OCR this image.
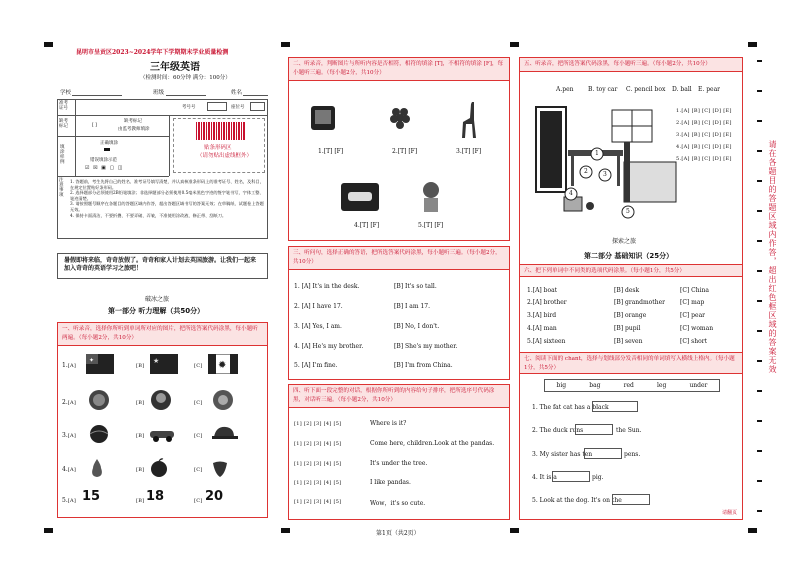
昆明市呈贡区2023~2024学年下学期期末学业质量检测
三年级英语
（检测时间：60分钟 满分：100分）
学校	班级	姓名
准考证号	考号号	座位号
缺考标记	[ ]
缺考标记
由监考教师填涂
填涂样例
正确填涂
错误填涂示范
☑ ☒ ▣ ▢ ◫
贴条形码区
（请勿贴出虚线框外）
注意事项
1. 答题前，考生先将自己的姓名、准考证号填写清楚，并认真核准条形码上的准考证号、姓名，及科目，在规定位置贴好条形码。
2. 选择题部分必须使用2B铅笔填涂；非选择题部分必须使用0.5毫米黑色字迹的签字笔书写，字体工整、笔迹清楚。
3. 请按照题号顺序在各题目的答题区域内作答，超出答题区域书写的答案无效；在草稿纸、试题卷上答题无效。
4. 保持卡面清洁，不要折叠、不要弄破、弄皱，不准使用涂改液、修正带、刮纸刀。
暑假即将来临，奇奇放假了。奇奇和家人计划去英国旅游。让我们一起来加入奇奇的英语学习之旅吧！
破冰之旅
第一部分 听力理解（共50分）
一、听录音，选择你所听到单词所对应的图片，把所选答案代码涂黑，每小题听两遍。（每小题2分，共10分）
1.[A]	[B]	[C]
2.[A]	[B]	[C]
3.[A]	[B]	[C]
4.[A]	[B]	[C]
5.[A]	[B]	[C]
✦	★	✹
15	18	20
二、听录音，判断图片与所听内容是否相符，相符的填涂 [T]，不相符的填涂 [F]，每小题听三遍。（每小题2分，共10分）
1.[T] [F]	2.[T] [F]	3.[T] [F]
4.[T] [F]	5.[T] [F]
三、听问句，选择正确的答语，把所选答案代码涂黑，每小题听三遍。（每小题2分，共10分）
1. [A] It's in the desk.	[B] It's so tall.
2. [A] I have 17.	[B] I am 17.
3. [A] Yes, I am.	[B] No, I don't.
4. [A] He's my brother.	[B] She's my mother.
5. [A] I'm fine.	[B] I'm from China.
四、听下面一段完整的对话，根据你所听到的内容给句子排序，把所选序号代码涂黑，对话听三遍。（每小题2分，共10分）
[1] [2] [3] [4] [5]	Where is it?
[1] [2] [3] [4] [5]	Come here, children.Look at the pandas.
[1] [2] [3] [4] [5]	It's under the tree.
[1] [2] [3] [4] [5]	I like pandas.
[1] [2] [3] [4] [5]	Wow，it's so cute.
五、听录音，把所选答案代码涂黑，每小题听三遍。（每小题2分，共10分）
A.pen B. toy car C. pencil box D. ball E. pear
1
2	3
4
5
1.[A] [B] [C] [D] [E]
2.[A] [B] [C] [D] [E]
3.[A] [B] [C] [D] [E]
4.[A] [B] [C] [D] [E]
5.[A] [B] [C] [D] [E]
探索之旅
第二部分 基础知识（25分）
六、把下列单词中不同类的选项代码涂黑。（每小题1分，共5分）
1.[A] boat	[B] desk	[C] China
2.[A] brother	[B] grandmother	[C] map
3.[A] bird	[B] orange	[C] pear
4.[A] man	[B] pupil	[C] woman
5.[A] sixteen	[B] seven	[C] short
七、阅读下面的 chant，选择与划线部分发音相同的单词填写入横线上格内。（每小题1分，共5分）
big	bag	red	leg	under
1. The fat cat has a black
2. The duck runs	the Sun.
3. My sister has ten	pens.
4. It is a	pig.
5. Look at the dog. It's on the
请翻页
请在各题目的答题区域内作答，超出红色框区域的答案无效
第1页（共2页）
